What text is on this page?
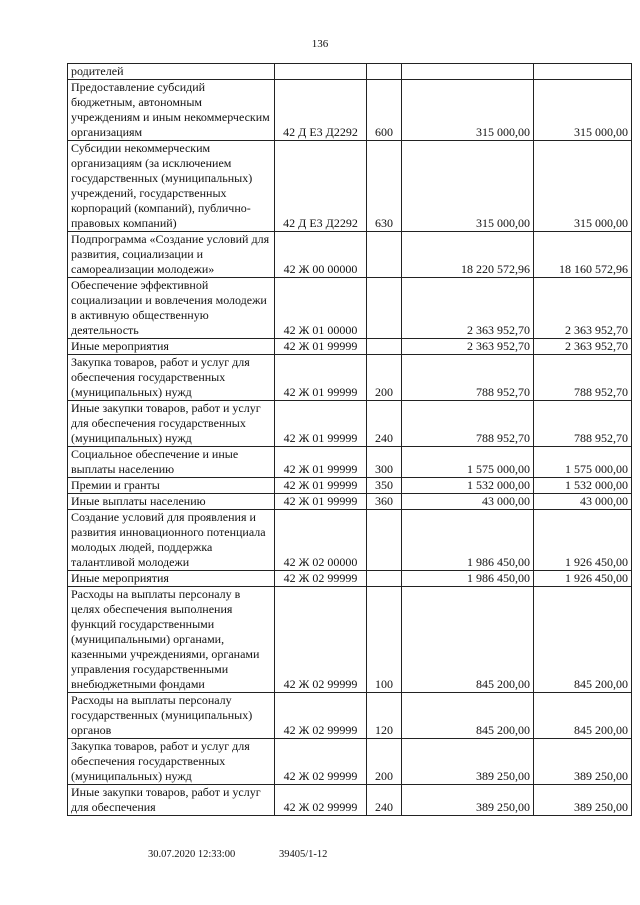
136
родителей				
Предоставление субсидий бюджетным, автономным учреждениям и иным некоммерческим организациям	42 Д Е3 Д2292	600	315 000,00	315 000,00
Субсидии некоммерческим организациям (за исключением государственных (муниципальных) учреждений, государственных корпораций (компаний), публично-правовых компаний)	42 Д Е3 Д2292	630	315 000,00	315 000,00
Подпрограмма «Создание условий для развития, социализации и самореализации молодежи»	42 Ж 00 00000		18 220 572,96	18 160 572,96
Обеспечение эффективной социализации и вовлечения молодежи в активную общественную деятельность	42 Ж 01 00000		2 363 952,70	2 363 952,70
Иные мероприятия	42 Ж 01 99999		2 363 952,70	2 363 952,70
Закупка товаров, работ и услуг для обеспечения государственных (муниципальных) нужд	42 Ж 01 99999	200	788 952,70	788 952,70
Иные закупки товаров, работ и услуг для обеспечения государственных (муниципальных) нужд	42 Ж 01 99999	240	788 952,70	788 952,70
Социальное обеспечение и иные выплаты населению	42 Ж 01 99999	300	1 575 000,00	1 575 000,00
Премии и гранты	42 Ж 01 99999	350	1 532 000,00	1 532 000,00
Иные выплаты населению	42 Ж 01 99999	360	43 000,00	43 000,00
Создание условий для проявления и развития инновационного потенциала молодых людей, поддержка талантливой молодежи	42 Ж 02 00000		1 986 450,00	1 926 450,00
Иные мероприятия	42 Ж 02 99999		1 986 450,00	1 926 450,00
Расходы на выплаты персоналу в целях обеспечения выполнения функций государственными (муниципальными) органами, казенными учреждениями, органами управления государственными внебюджетными фондами	42 Ж 02 99999	100	845 200,00	845 200,00
Расходы на выплаты персоналу государственных (муниципальных) органов	42 Ж 02 99999	120	845 200,00	845 200,00
Закупка товаров, работ и услуг для обеспечения государственных (муниципальных) нужд	42 Ж 02 99999	200	389 250,00	389 250,00
Иные закупки товаров, работ и услуг для обеспечения	42 Ж 02 99999	240	389 250,00	389 250,00
30.07.2020 12:33:00	39405/1-12
